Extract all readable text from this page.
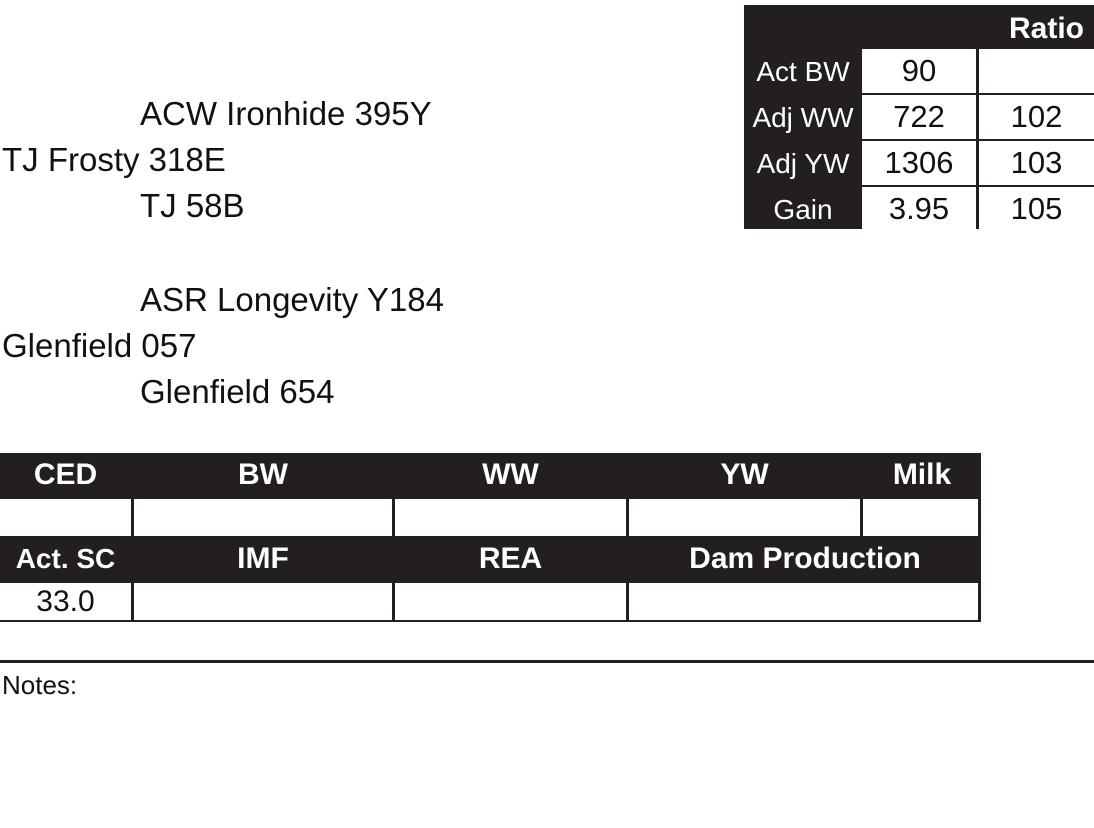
ACW Ironhide 395Y
TJ Frosty 318E
TJ 58B
ASR Longevity Y184
Glenfield 057
Glenfield 654
Ratio
Act BW	90
Adj WW	722	102
Adj YW	1306	103
Gain	3.95	105
CED	BW	WW	YW	Milk
Act. SC	IMF	REA	Dam Production
33.0
Notes:
